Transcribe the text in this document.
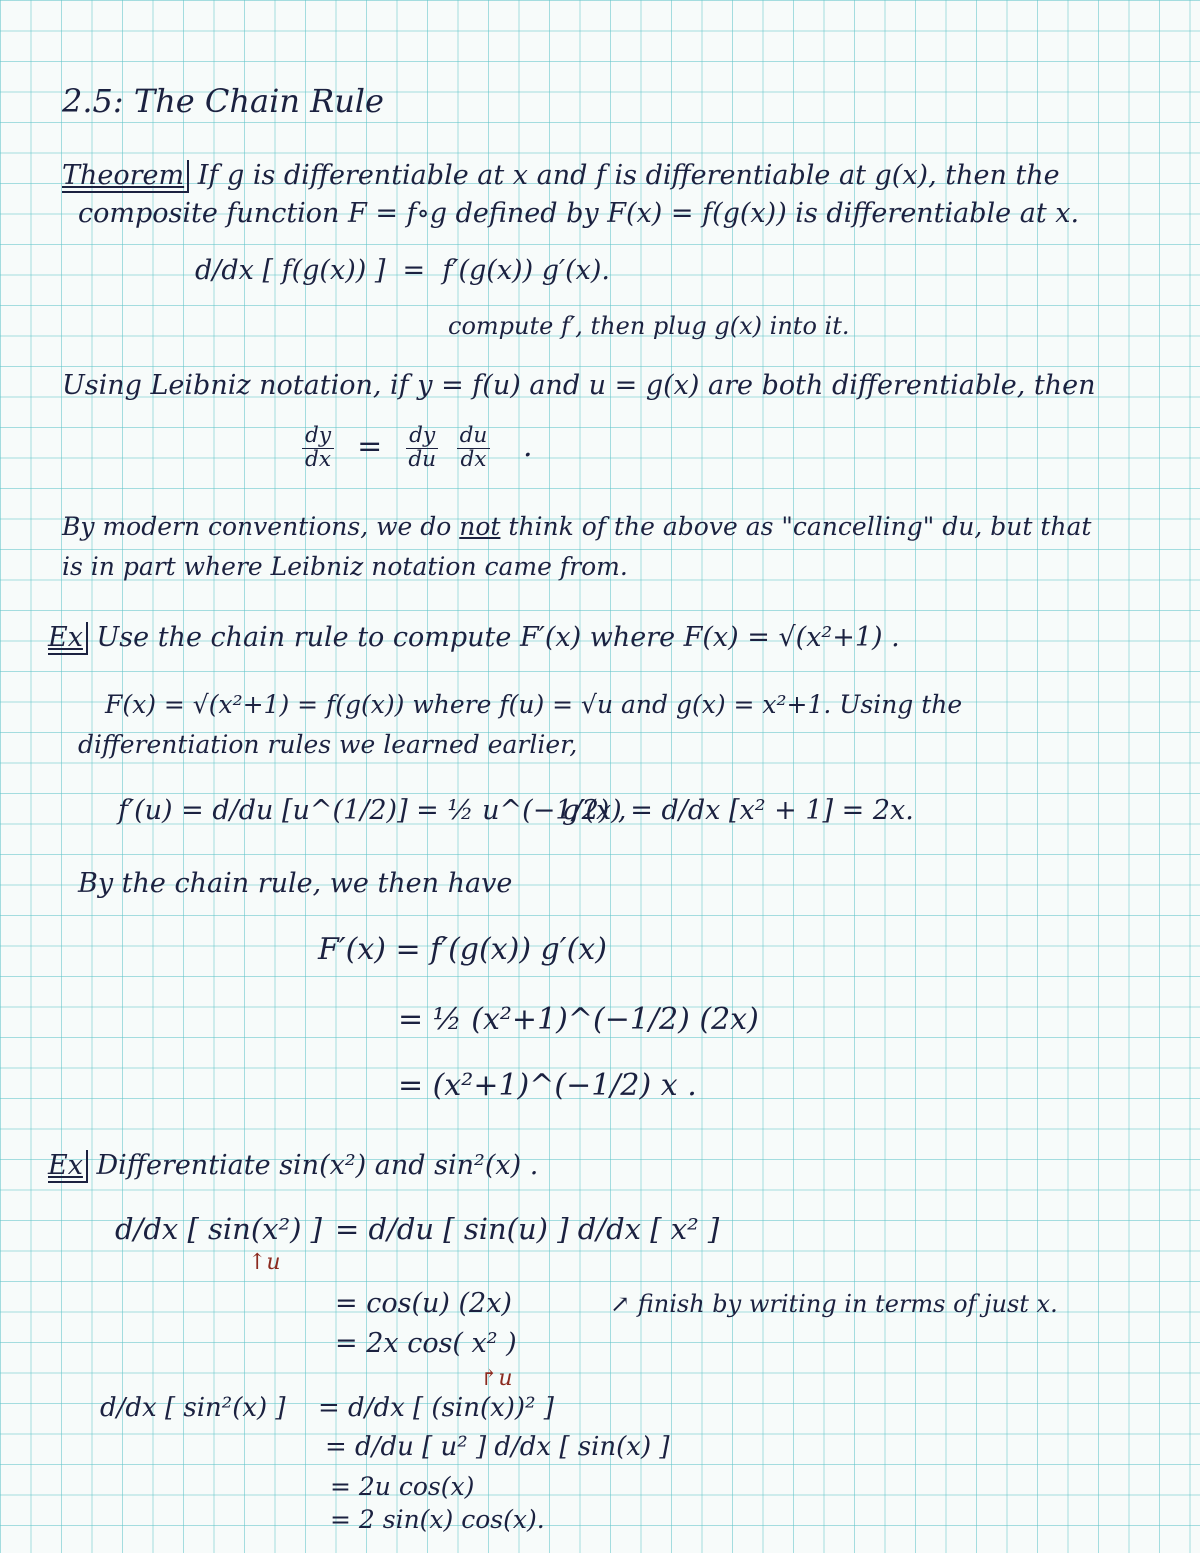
2.5: The Chain Rule
Theorem If g is differentiable at x and f is differentiable at g(x), then the
composite function F = f∘g defined by F(x) = f(g(x)) is differentiable at x.
d/dx [ f(g(x)) ] = f′(g(x)) g′(x).
compute f′, then plug g(x) into it.
Using Leibniz notation, if y = f(u) and u = g(x) are both differentiable, then
$\frac{dy}{dx} = \frac{dy}{du}$
$\frac{du}{dx}$ .
By modern conventions, we do not think of the above as "cancelling" du, but that
is in part where Leibniz notation came from.
Ex Use the chain rule to compute F′(x) where F(x) = √(x²+1) .
F(x) = √(x²+1) = f(g(x)) where f(u) = √u and g(x) = x²+1. Using the
differentiation rules we learned earlier,
f′(u) = d/du [u^(1/2)] = ½ u^(−1/2) ,
g′(x) = d/dx [x² + 1] = 2x.
By the chain rule, we then have
F′(x) = f′(g(x)) g′(x)
= ½ (x²+1)^(−1/2) (2x)
= (x²+1)^(−1/2) x .
Ex Differentiate sin(x²) and sin²(x) .
d/dx [ sin(x²) ]
↑u
= d/du [ sin(u) ] d/dx [ x² ]
= cos(u) (2x)	↗ finish by writing in terms of just x.
= 2x cos( x² )
d/dx [ sin²(x) ]
↱u
= d/dx [ (sin(x))² ]
= d/du [ u² ] d/dx [ sin(x) ]
= 2u cos(x)
= 2 sin(x) cos(x).
